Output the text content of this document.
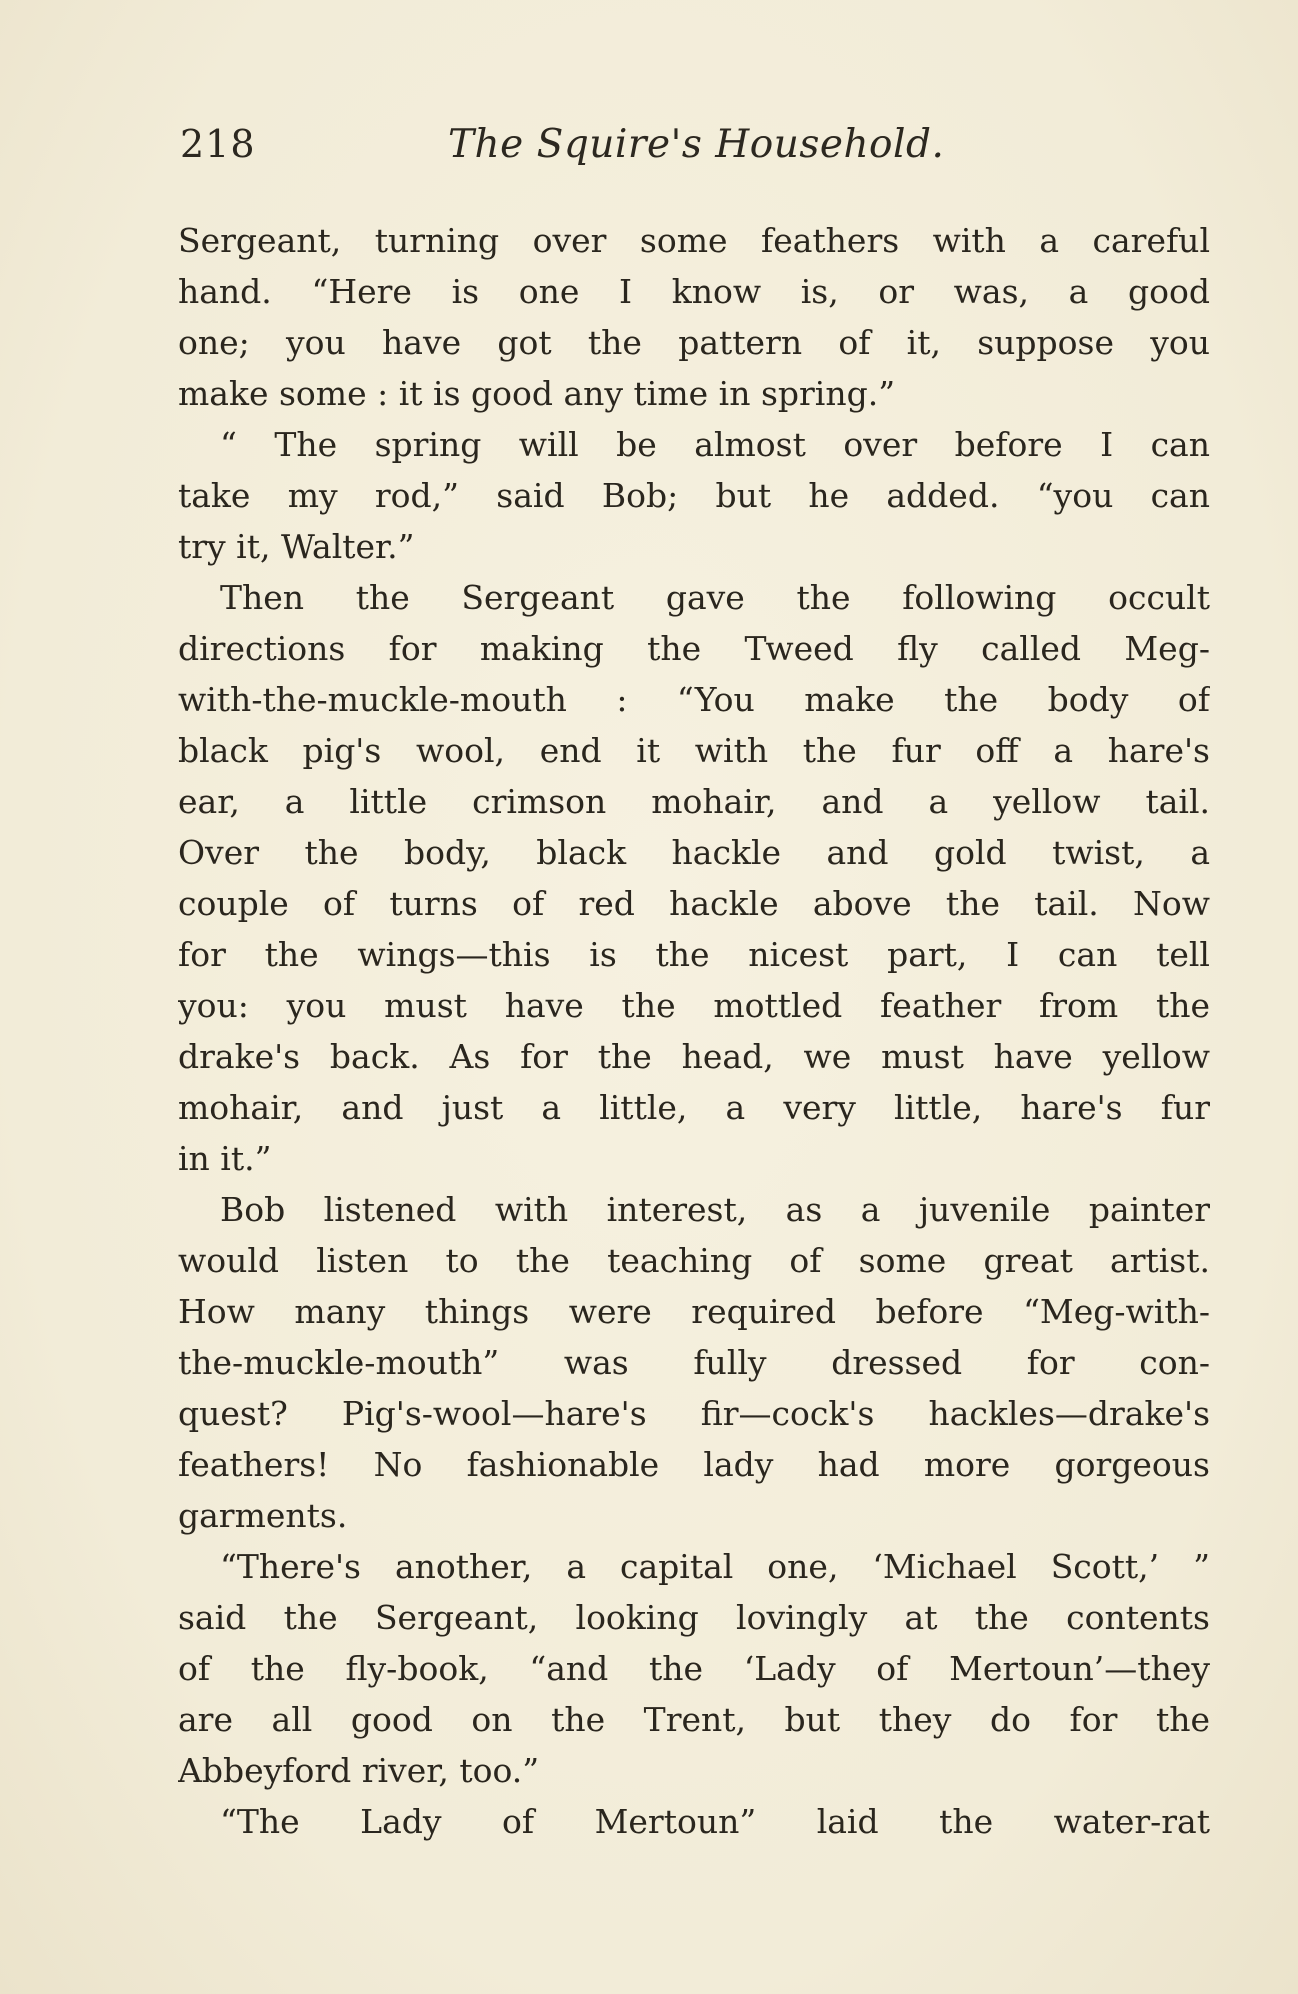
218	The Squire's Household.
Sergeant, turning over some feathers with a careful
hand. “Here is one I know is, or was, a good
one; you have got the pattern of it, suppose you
make some : it is good any time in spring.”
“ The spring will be almost over before I can
take my rod,” said Bob; but he added. “you can
try it, Walter.”
Then the Sergeant gave the following occult
directions for making the Tweed fly called Meg-
with-the-muckle-mouth : “You make the body of
black pig's wool, end it with the fur off a hare's
ear, a little crimson mohair, and a yellow tail.
Over the body, black hackle and gold twist, a
couple of turns of red hackle above the tail. Now
for the wings—this is the nicest part, I can tell
you: you must have the mottled feather from the
drake's back. As for the head, we must have yellow
mohair, and just a little, a very little, hare's fur
in it.”
Bob listened with interest, as a juvenile painter
would listen to the teaching of some great artist.
How many things were required before “Meg-with-
the-muckle-mouth” was fully dressed for con-
quest? Pig's-wool—hare's fir—cock's hackles—drake's
feathers! No fashionable lady had more gorgeous
garments.
“There's another, a capital one, ‘Michael Scott,’ ”
said the Sergeant, looking lovingly at the contents
of the fly-book, “and the ‘Lady of Mertoun’—they
are all good on the Trent, but they do for the
Abbeyford river, too.”
“The Lady of Mertoun” laid the water-rat
